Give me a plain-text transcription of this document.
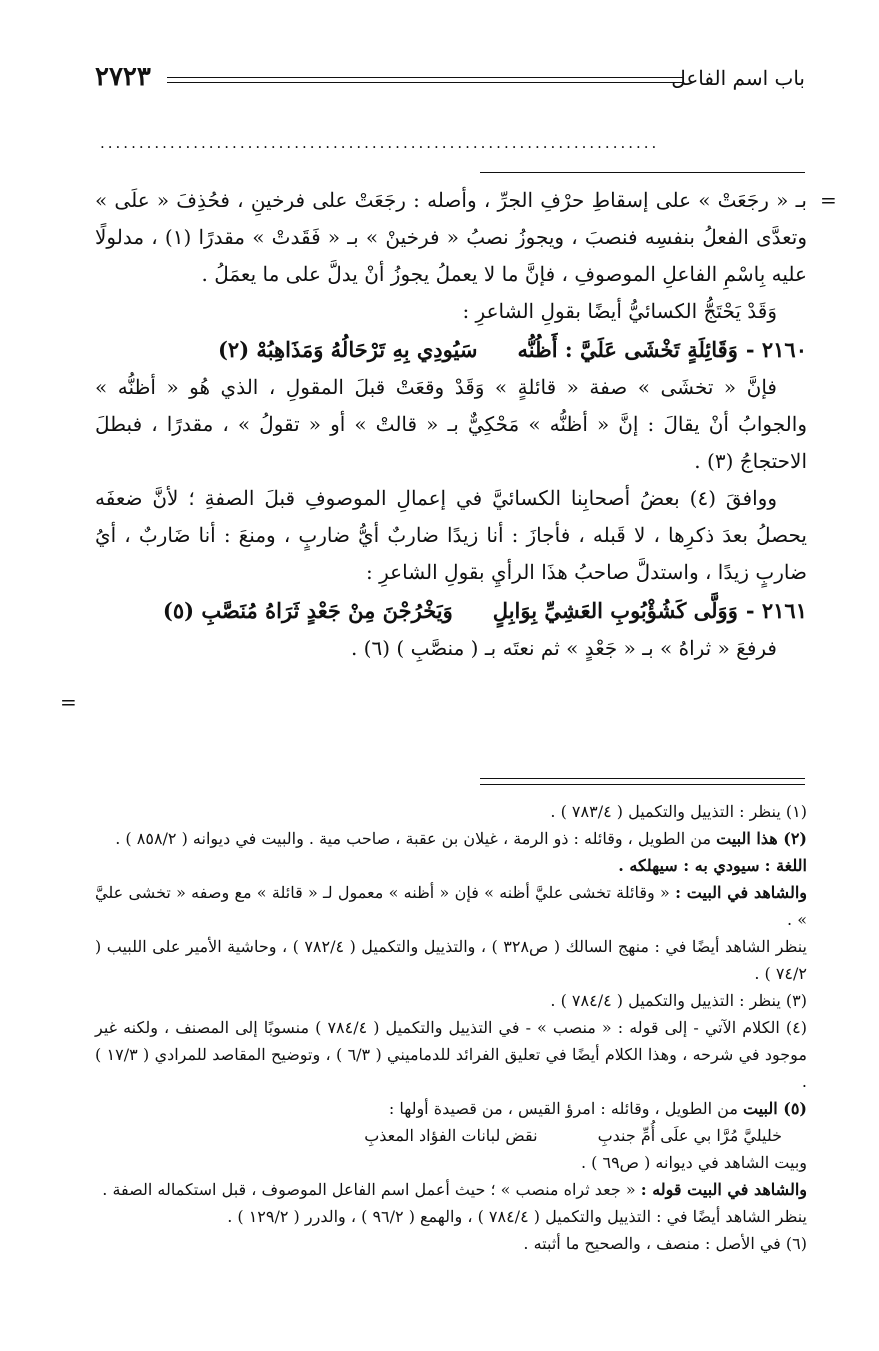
٢٧٢٣	باب اسم الفاعل
........................................................................
=
=

بـ « رجَعَتْ » على إسقاطِ حرْفِ الجرِّ ، وأصله : رجَعَتْ على فرخينِ ، فحُذِفَ « علَى » وتعدَّى الفعلُ بنفسِه فنصبَ ، ويجوزُ نصبُ « فرخينْ » بـ « فَقَدتْ » مقدرًا (١) ، مدلولًا عليه بِاسْمِ الفاعلِ الموصوفِ ، فإنَّ ما لا يعملُ يجوزُ أنْ يدلَّ على ما يعمَلُ .

وَقَدْ يَحْتَجُّ الكسائيُّ أيضًا بقولِ الشاعرِ :

٢١٦٠ -
وَقَائِلَةٍ تَخْشَى عَلَيَّ : أَظُنُّه
سَيُودِي بِهِ تَرْحَالُهُ وَمَذَاهِبُهْ (٢)

فإنَّ « تخشَى » صفة « قائلةٍ » وَقَدْ وقعَتْ قبلَ المقولِ ، الذي هُو « أظنُّه » والجوابُ أنْ يقالَ : إنَّ « أظنُّه » مَحْكِيٌّ بـ « قالتْ » أو « تقولُ » ، مقدرًا ، فبطلَ الاحتجاجُ (٣) .

ووافقَ (٤) بعضُ أصحابِنا الكسائيَّ في إعمالِ الموصوفِ قبلَ الصفةِ ؛ لأنَّ ضعفَه يحصلُ بعدَ ذكرِها ، لا قَبله ، فأجازَ : أنا زيدًا ضاربٌ أيُّ ضاربٍ ، ومنعَ : أنا ضَاربٌ ، أيُ ضاربٍ زيدًا ، واستدلَّ صاحبُ هذَا الرأيِ بقولِ الشاعرِ :

٢١٦١ -
وَوَلَّى كَشُؤْبُوبِ العَشِيِّ بِوَابِلٍ
وَيَخْرُجْنَ مِنْ جَعْدٍ ثَرَاهُ مُنَصَّبِ (٥)

فرفعَ « ثراهُ » بـ « جَعْدٍ » ثم نعتَه بـ ( منصَّبِ ) (٦) .

(١) ينظر : التذييل والتكميل ( ٧٨٣/٤ ) .

(٢) هذا البيت من الطويل ، وقائله : ذو الرمة ، غيلان بن عقبة ، صاحب مية . والبيت في ديوانه ( ٨٥٨/٢ ) .

اللغة : سيودي به : سيهلكه .

والشاهد في البيت : « وقائلة تخشى عليَّ أظنه » فإن « أظنه » معمول لـ « قائلة » مع وصفه « تخشى عليَّ » .

ينظر الشاهد أيضًا في : منهج السالك ( ص٣٢٨ ) ، والتذييل والتكميل ( ٧٨٢/٤ ) ، وحاشية الأمير على اللبيب ( ٧٤/٢ ) .

(٣) ينظر : التذييل والتكميل ( ٧٨٤/٤ ) .

(٤) الكلام الآتي - إلى قوله : « منصب » - في التذييل والتكميل ( ٧٨٤/٤ ) منسوبًا إلى المصنف ، ولكنه غير موجود في شرحه ، وهذا الكلام أيضًا في تعليق الفرائد للدماميني ( ٦/٣ ) ، وتوضيح المقاصد للمرادي ( ١٧/٣ ) .

(٥) البيت من الطويل ، وقائله : امرؤ القيس ، من قصيدة أولها :

خليليَّ مُرَّا بي علَى أُمِّ جندبِ
نقض لبانات الفؤاد المعذبِ

وبيت الشاهد في ديوانه ( ص٦٩ ) .

والشاهد في البيت قوله : « جعد ثراه منصب » ؛ حيث أعمل اسم الفاعل الموصوف ، قبل استكماله الصفة .

ينظر الشاهد أيضًا في : التذييل والتكميل ( ٧٨٤/٤ ) ، والهمع ( ٩٦/٢ ) ، والدرر ( ١٢٩/٢ ) .

(٦) في الأصل : منصف ، والصحيح ما أثبته .
